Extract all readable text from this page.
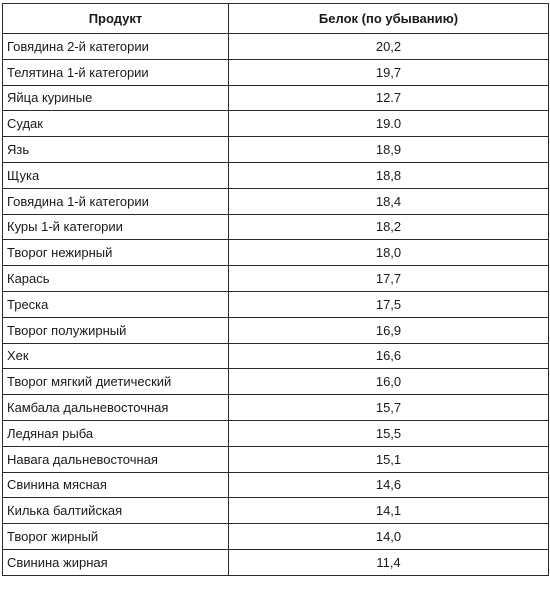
Продукт	Белок (по убыванию)
Говядина 2-й категории	20,2
Телятина 1-й категории	19,7
Яйца куриные	12.7
Судак	19.0
Язь	18,9
Щука	18,8
Говядина 1-й категории	18,4
Куры 1-й категории	18,2
Творог нежирный	18,0
Карась	17,7
Треска	17,5
Творог полужирный	16,9
Хек	16,6
Творог мягкий диетический	16,0
Камбала дальневосточная	15,7
Ледяная рыба	15,5
Навага дальневосточная	15,1
Свинина мясная	14,6
Килька балтийская	14,1
Творог жирный	14,0
Свинина жирная	11,4
